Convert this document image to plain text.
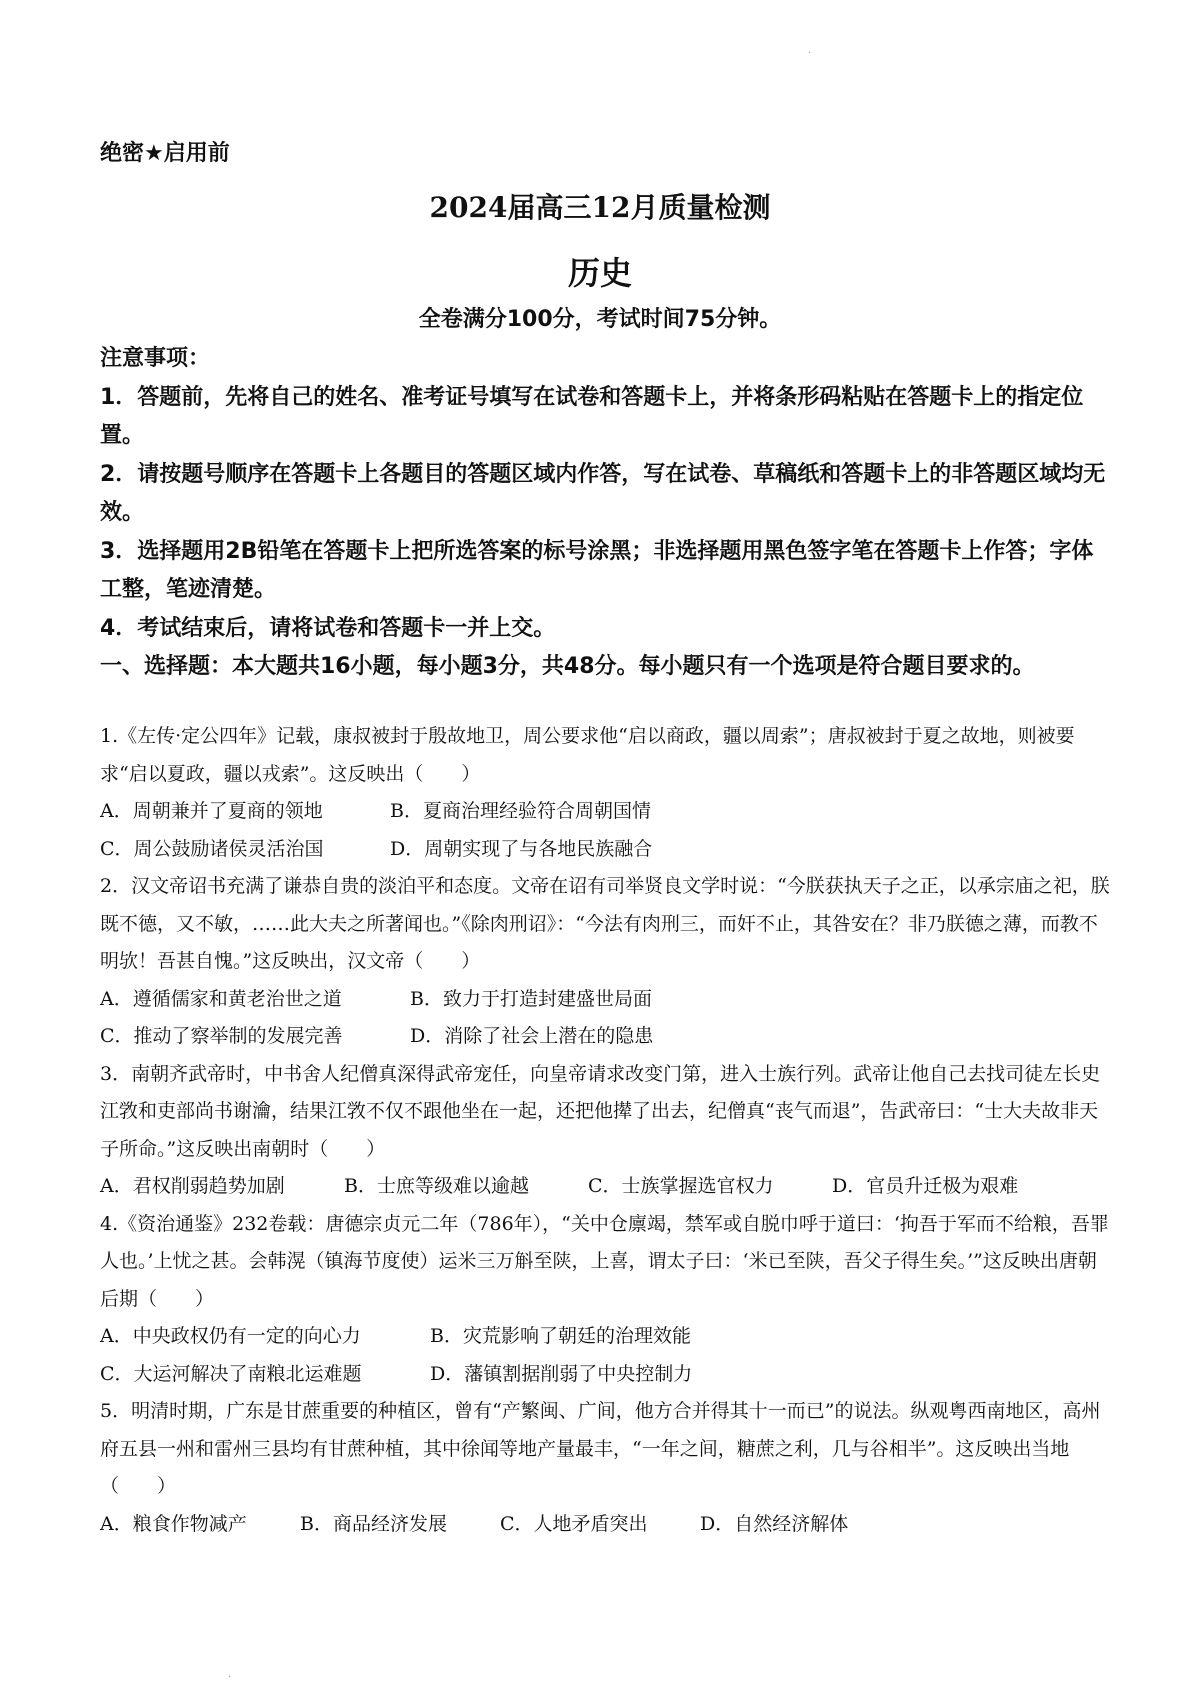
·
·
绝密★启用前
2024届高三12月质量检测
历史
全卷满分100分，考试时间75分钟。

注意事项：

1．答题前，先将自己的姓名、准考证号填写在试卷和答题卡上，并将条形码粘贴在答题卡上的指定位置。

2．请按题号顺序在答题卡上各题目的答题区域内作答，写在试卷、草稿纸和答题卡上的非答题区域均无效。

3．选择题用2B铅笔在答题卡上把所选答案的标号涂黑；非选择题用黑色签字笔在答题卡上作答；字体工整，笔迹清楚。

4．考试结束后，请将试卷和答题卡一并上交。

一、选择题：本大题共16小题，每小题3分，共48分。每小题只有一个选项是符合题目要求的。

1.《左传·定公四年》记载，康叔被封于殷故地卫，周公要求他“启以商政，疆以周索”；唐叔被封于夏之故地，则被要求“启以夏政，疆以戎索”。这反映出（　　）

A．周朝兼并了夏商的领地	B．夏商治理经验符合周朝国情

C．周公鼓励诸侯灵活治国	D．周朝实现了与各地民族融合

2．汉文帝诏书充满了谦恭自贵的淡泊平和态度。文帝在诏有司举贤良文学时说：“今朕获执天子之正，以承宗庙之祀，朕既不德，又不敏，……此大夫之所著闻也。”《除肉刑诏》：“今法有肉刑三，而奸不止，其咎安在？非乃朕德之薄，而教不明欤！吾甚自愧。”这反映出，汉文帝（　　）

A．遵循儒家和黄老治世之道	B．致力于打造封建盛世局面

C．推动了察举制的发展完善	D．消除了社会上潜在的隐患

3．南朝齐武帝时，中书舍人纪僧真深得武帝宠任，向皇帝请求改变门第，进入士族行列。武帝让他自己去找司徒左长史江敩和吏部尚书谢瀹，结果江敩不仅不跟他坐在一起，还把他撵了出去，纪僧真“丧气而退”，告武帝曰：“士大夫故非天子所命。”这反映出南朝时（　　）

A．君权削弱趋势加剧	B．士庶等级难以逾越	C．士族掌握选官权力	D．官员升迁极为艰难

4.《资治通鉴》232卷载：唐德宗贞元二年（786年），“关中仓廪竭，禁军或自脱巾呼于道曰：‘拘吾于军而不给粮，吾罪人也。’上忧之甚。会韩滉（镇海节度使）运米三万斛至陕，上喜，谓太子曰：‘米已至陕，吾父子得生矣。’”这反映出唐朝后期（　　）

A．中央政权仍有一定的向心力	B．灾荒影响了朝廷的治理效能

C．大运河解决了南粮北运难题	D．藩镇割据削弱了中央控制力

5．明清时期，广东是甘蔗重要的种植区，曾有“产繁闽、广间，他方合并得其十一而已”的说法。纵观粤西南地区，高州府五县一州和雷州三县均有甘蔗种植，其中徐闻等地产量最丰，“一年之间，糖蔗之利，几与谷相半”。这反映出当地（　　）

A．粮食作物减产	B．商品经济发展	C．人地矛盾突出	D．自然经济解体
